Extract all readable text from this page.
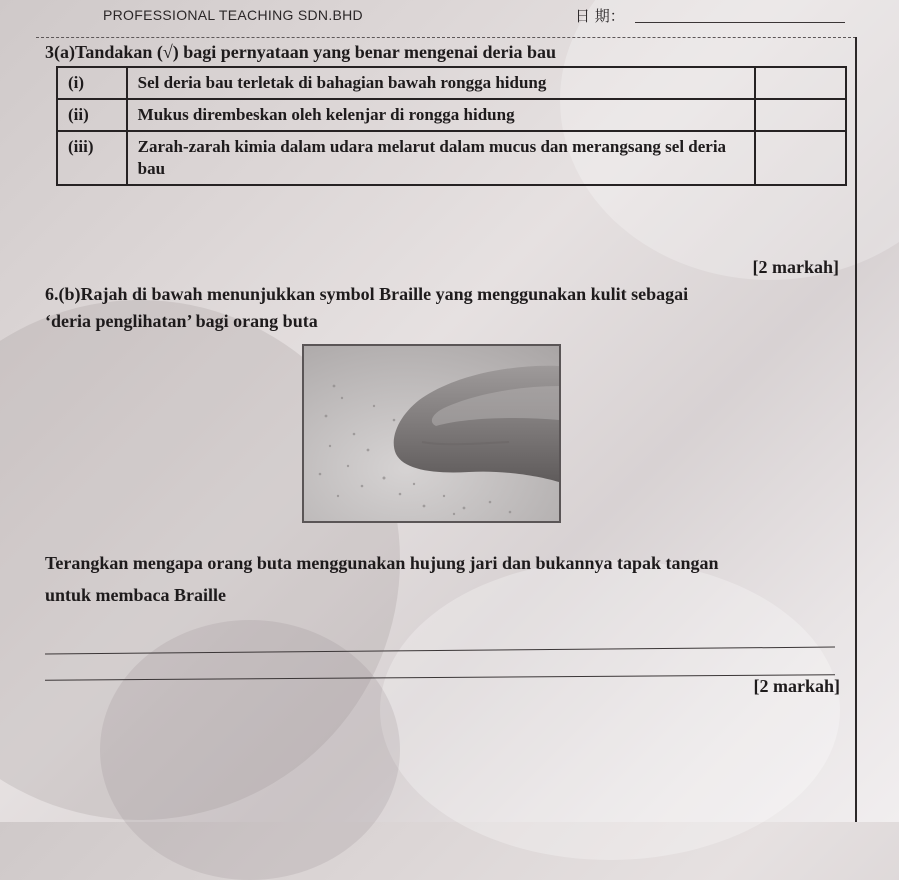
PROFESSIONAL TEACHING SDN.BHD	日 期：
3(a)Tandakan (√) bagi pernyataan yang benar mengenai deria bau
(i)	Sel deria bau terletak di bahagian bawah rongga hidung	
(ii)	Mukus dirembeskan oleh kelenjar di rongga hidung	
(iii)	Zarah-zarah kimia dalam udara melarut dalam mucus dan merangsang sel deria bau	
[2 markah]
6.(b)Rajah di bawah menunjukkan symbol Braille yang menggunakan kulit sebagai
‘deria penglihatan’ bagi orang buta
Terangkan mengapa orang buta menggunakan hujung jari dan bukannya tapak tangan
untuk membaca Braille
[2 markah]
